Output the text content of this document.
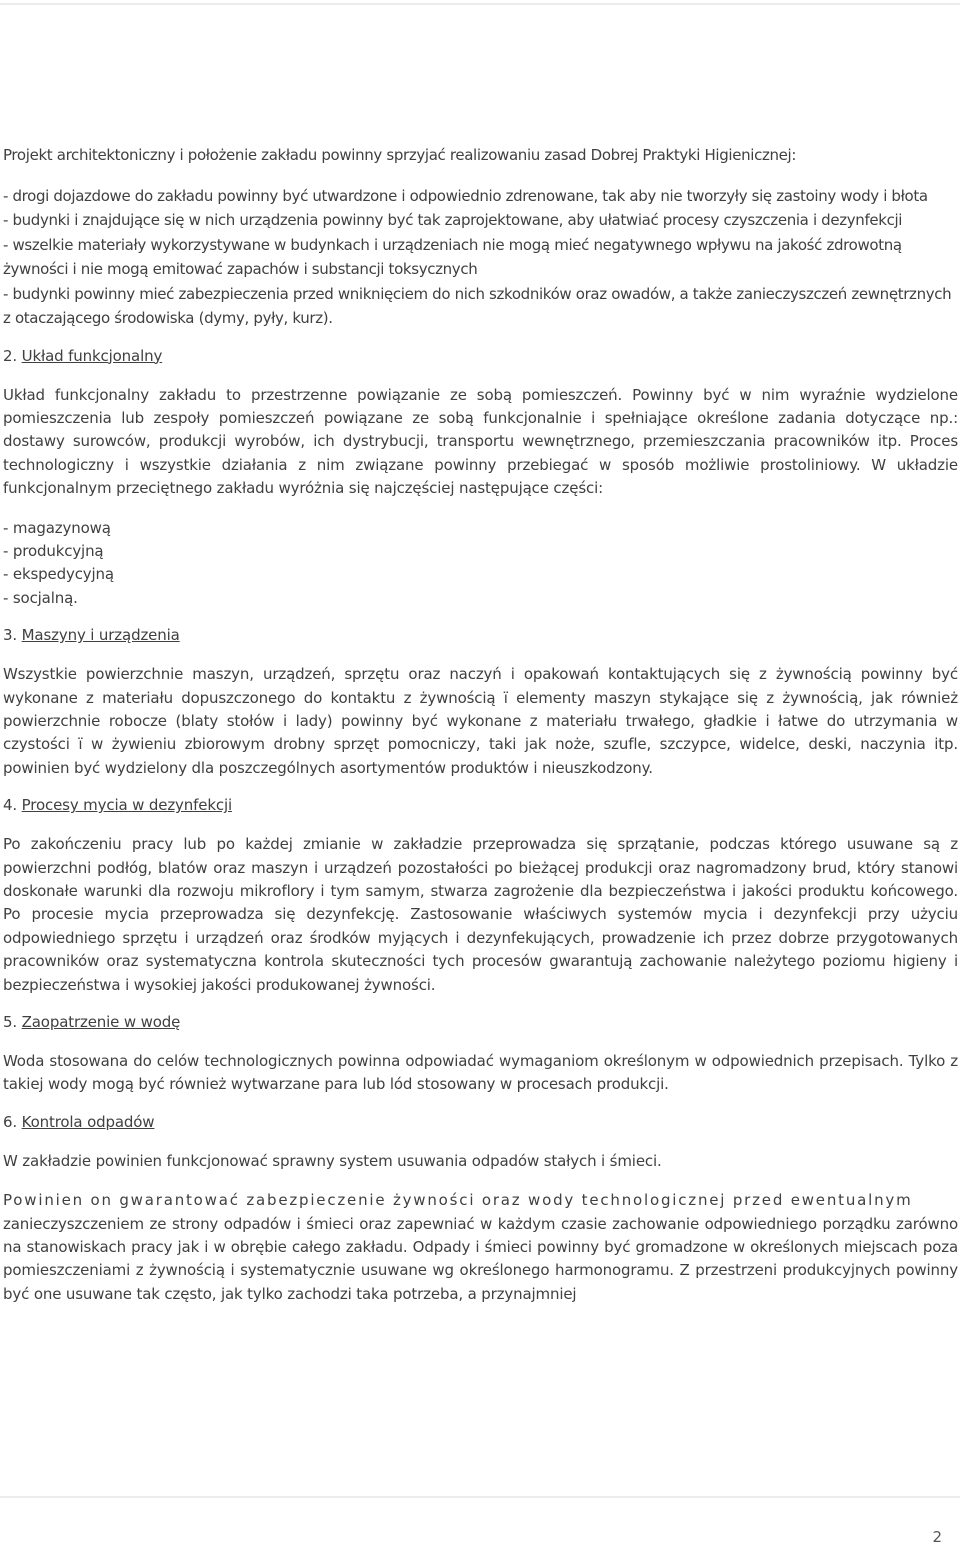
Projekt architektoniczny i położenie zakładu powinny sprzyjać realizowaniu zasad Dobrej Praktyki Higienicznej:

- drogi dojazdowe do zakładu powinny być utwardzone i odpowiednio zdrenowane, tak aby nie tworzyły się zastoiny wody i błota

- budynki i znajdujące się w nich urządzenia powinny być tak zaprojektowane, aby ułatwiać procesy czyszczenia i dezynfekcji

- wszelkie materiały wykorzystywane w budynkach i urządzeniach nie mogą mieć negatywnego wpływu na jakość zdrowotną żywności i nie mogą emitować zapachów i substancji toksycznych

- budynki powinny mieć zabezpieczenia przed wniknięciem do nich szkodników oraz owadów, a także zanieczyszczeń zewnętrznych z otaczającego środowiska (dymy, pyły, kurz).

2. Układ funkcjonalny

Układ funkcjonalny zakładu to przestrzenne powiązanie ze sobą pomieszczeń. Powinny być w nim wyraźnie wydzielone pomieszczenia lub zespoły pomieszczeń powiązane ze sobą funkcjonalnie i spełniające określone zadania dotyczące np.: dostawy surowców, produkcji wyrobów, ich dystrybucji, transportu wewnętrznego, przemieszczania pracowników itp. Proces technologiczny i wszystkie działania z nim związane powinny przebiegać w sposób możliwie prostoliniowy. W układzie funkcjonalnym przeciętnego zakładu wyróżnia się najczęściej następujące części:

- magazynową

- produkcyjną

- ekspedycyjną

- socjalną.

3. Maszyny i urządzenia

Wszystkie powierzchnie maszyn, urządzeń, sprzętu oraz naczyń i opakowań kontaktujących się z żywnością powinny być wykonane z materiału dopuszczonego do kontaktu z żywnością ï elementy maszyn stykające się z żywnością, jak również powierzchnie robocze (blaty stołów i lady) powinny być wykonane z materiału trwałego, gładkie i łatwe do utrzymania w czystości ï w żywieniu zbiorowym drobny sprzęt pomocniczy, taki jak noże, szufle, szczypce, widelce, deski, naczynia itp. powinien być wydzielony dla poszczególnych asortymentów produktów i nieuszkodzony.

4. Procesy mycia w dezynfekcji

Po zakończeniu pracy lub po każdej zmianie w zakładzie przeprowadza się sprzątanie, podczas którego usuwane są z powierzchni podłóg, blatów oraz maszyn i urządzeń pozostałości po bieżącej produkcji oraz nagromadzony brud, który stanowi doskonałe warunki dla rozwoju mikroflory i tym samym, stwarza zagrożenie dla bezpieczeństwa i jakości produktu końcowego. Po procesie mycia przeprowadza się dezynfekcję. Zastosowanie właściwych systemów mycia i dezynfekcji przy użyciu odpowiedniego sprzętu i urządzeń oraz środków myjących i dezynfekujących, prowadzenie ich przez dobrze przygotowanych pracowników oraz systematyczna kontrola skuteczności tych procesów gwarantują zachowanie należytego poziomu higieny i bezpieczeństwa i wysokiej jakości produkowanej żywności.

5. Zaopatrzenie w wodę

Woda stosowana do celów technologicznych powinna odpowiadać wymaganiom określonym w odpowiednich przepisach. Tylko z takiej wody mogą być również wytwarzane para lub lód stosowany w procesach produkcji.

6. Kontrola odpadów

W zakładzie powinien funkcjonować sprawny system usuwania odpadów stałych i śmieci.

Powinien on gwarantować zabezpieczenie żywności oraz wody technologicznej przed ewentualnym

zanieczyszczeniem ze strony odpadów i śmieci oraz zapewniać w każdym czasie zachowanie odpowiedniego porządku zarówno na stanowiskach pracy jak i w obrębie całego zakładu. Odpady i śmieci powinny być gromadzone w określonych miejscach poza pomieszczeniami z żywnością i systematycznie usuwane wg określonego harmonogramu. Z przestrzeni produkcyjnych powinny być one usuwane tak często, jak tylko zachodzi taka potrzeba, a przynajmniej

2
